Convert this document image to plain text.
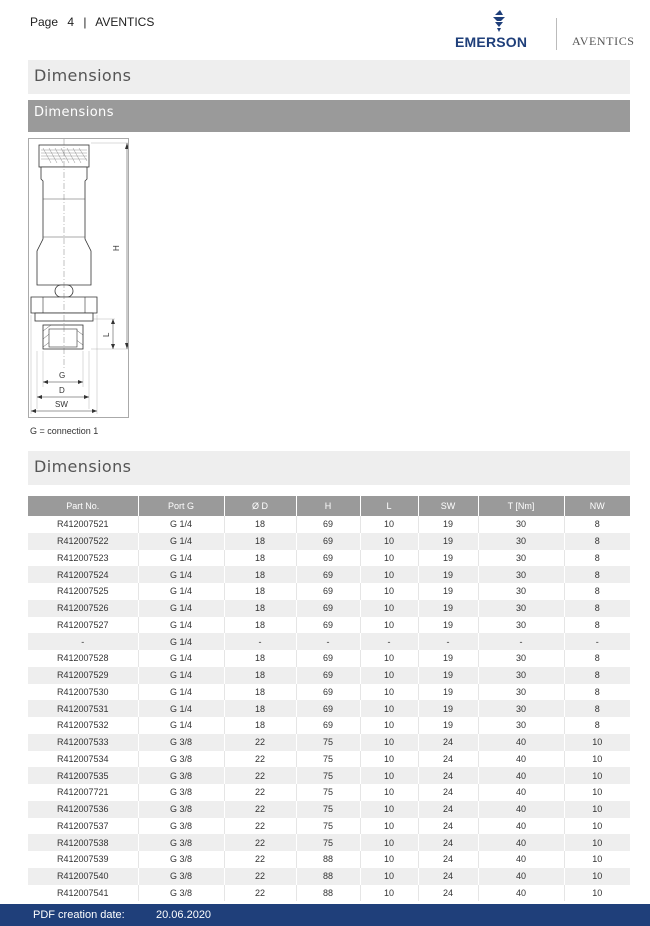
Page 4 | AVENTICS
EMERSON	AVENTICS
Dimensions
Dimensions
H
L
G
D
SW
G = connection 1
Dimensions
Part No.	Port G	Ø D	H	L	SW	T [Nm]	NW
R412007521	G 1/4	18	69	10	19	30	8
R412007522	G 1/4	18	69	10	19	30	8
R412007523	G 1/4	18	69	10	19	30	8
R412007524	G 1/4	18	69	10	19	30	8
R412007525	G 1/4	18	69	10	19	30	8
R412007526	G 1/4	18	69	10	19	30	8
R412007527	G 1/4	18	69	10	19	30	8
-	G 1/4	-	-	-	-	-	-
R412007528	G 1/4	18	69	10	19	30	8
R412007529	G 1/4	18	69	10	19	30	8
R412007530	G 1/4	18	69	10	19	30	8
R412007531	G 1/4	18	69	10	19	30	8
R412007532	G 1/4	18	69	10	19	30	8
R412007533	G 3/8	22	75	10	24	40	10
R412007534	G 3/8	22	75	10	24	40	10
R412007535	G 3/8	22	75	10	24	40	10
R412007721	G 3/8	22	75	10	24	40	10
R412007536	G 3/8	22	75	10	24	40	10
R412007537	G 3/8	22	75	10	24	40	10
R412007538	G 3/8	22	75	10	24	40	10
R412007539	G 3/8	22	88	10	24	40	10
R412007540	G 3/8	22	88	10	24	40	10
R412007541	G 3/8	22	88	10	24	40	10
PDF creation date:	20.06.2020
